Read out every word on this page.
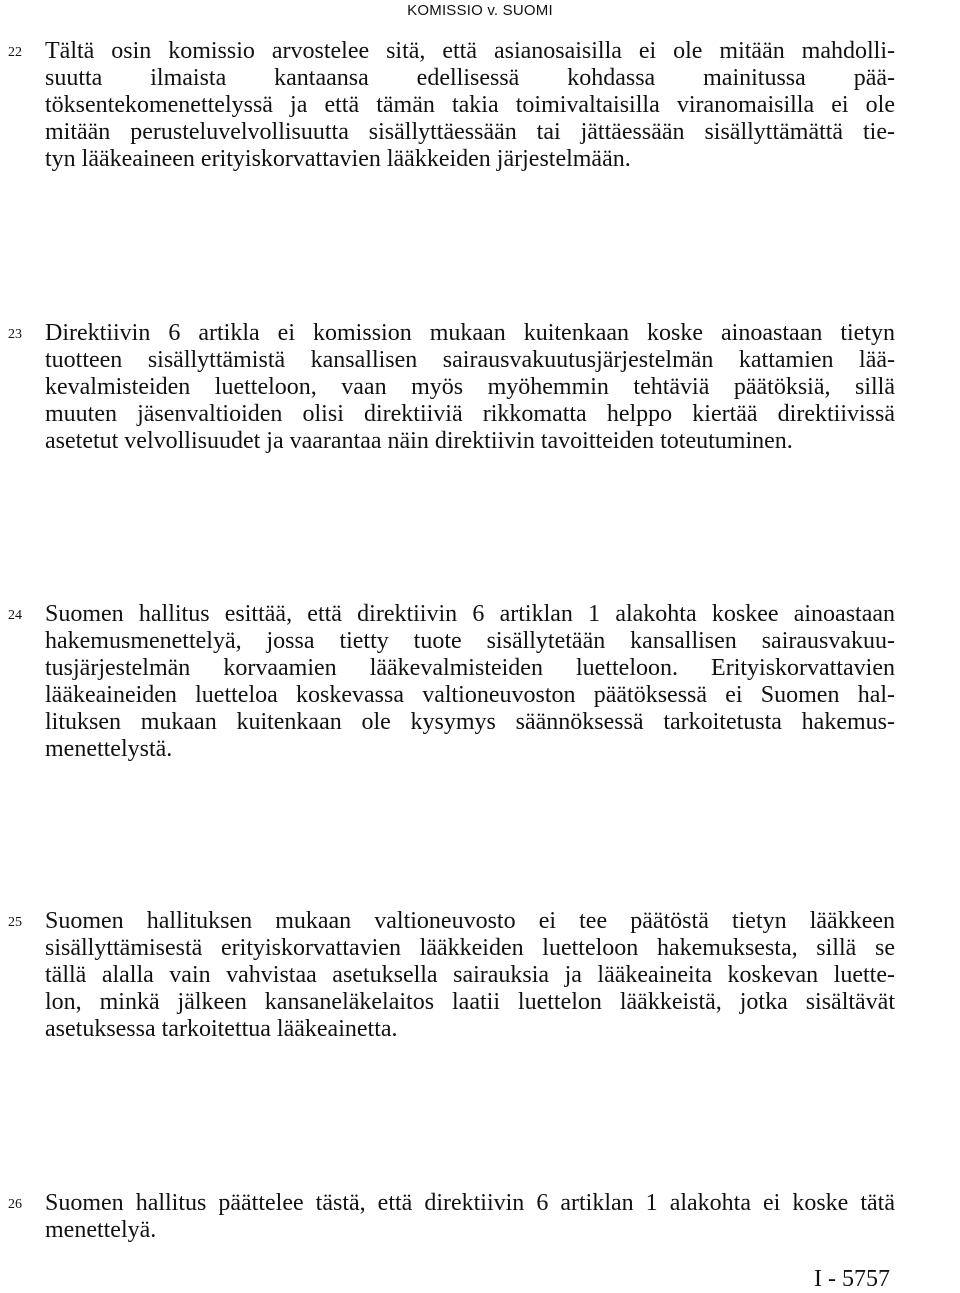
KOMISSIO v. SUOMI
22 Tältä osin komissio arvostelee sitä, että asianosaisilla ei ole mitään mahdolli-
suutta ilmaista kantaansa edellisessä kohdassa mainitussa pää-
töksentekomenettelyssä ja että tämän takia toimivaltaisilla viranomaisilla ei ole
mitään perusteluvelvollisuutta sisällyttäessään tai jättäessään sisällyttämättä tie-
tyn lääkeaineen erityiskorvattavien lääkkeiden järjestelmään.
23 Direktiivin 6 artikla ei komission mukaan kuitenkaan koske ainoastaan tietyn
tuotteen sisällyttämistä kansallisen sairausvakuutusjärjestelmän kattamien lää-
kevalmisteiden luetteloon, vaan myös myöhemmin tehtäviä päätöksiä, sillä
muuten jäsenvaltioiden olisi direktiiviä rikkomatta helppo kiertää direktiivissä
asetetut velvollisuudet ja vaarantaa näin direktiivin tavoitteiden toteutuminen.
24 Suomen hallitus esittää, että direktiivin 6 artiklan 1 alakohta koskee ainoastaan
hakemusmenettelyä, jossa tietty tuote sisällytetään kansallisen sairausvakuu-
tusjärjestelmän korvaamien lääkevalmisteiden luetteloon. Erityiskorvattavien
lääkeaineiden luetteloa koskevassa valtioneuvoston päätöksessä ei Suomen hal-
lituksen mukaan kuitenkaan ole kysymys säännöksessä tarkoitetusta hakemus-
menettelystä.
25 Suomen hallituksen mukaan valtioneuvosto ei tee päätöstä tietyn lääkkeen
sisällyttämisestä erityiskorvattavien lääkkeiden luetteloon hakemuksesta, sillä se
tällä alalla vain vahvistaa asetuksella sairauksia ja lääkeaineita koskevan luette-
lon, minkä jälkeen kansaneläkelaitos laatii luettelon lääkkeistä, jotka sisältävät
asetuksessa tarkoitettua lääkeainetta.
26 Suomen hallitus päättelee tästä, että direktiivin 6 artiklan 1 alakohta ei koske tätä
menettelyä.
I - 5757
